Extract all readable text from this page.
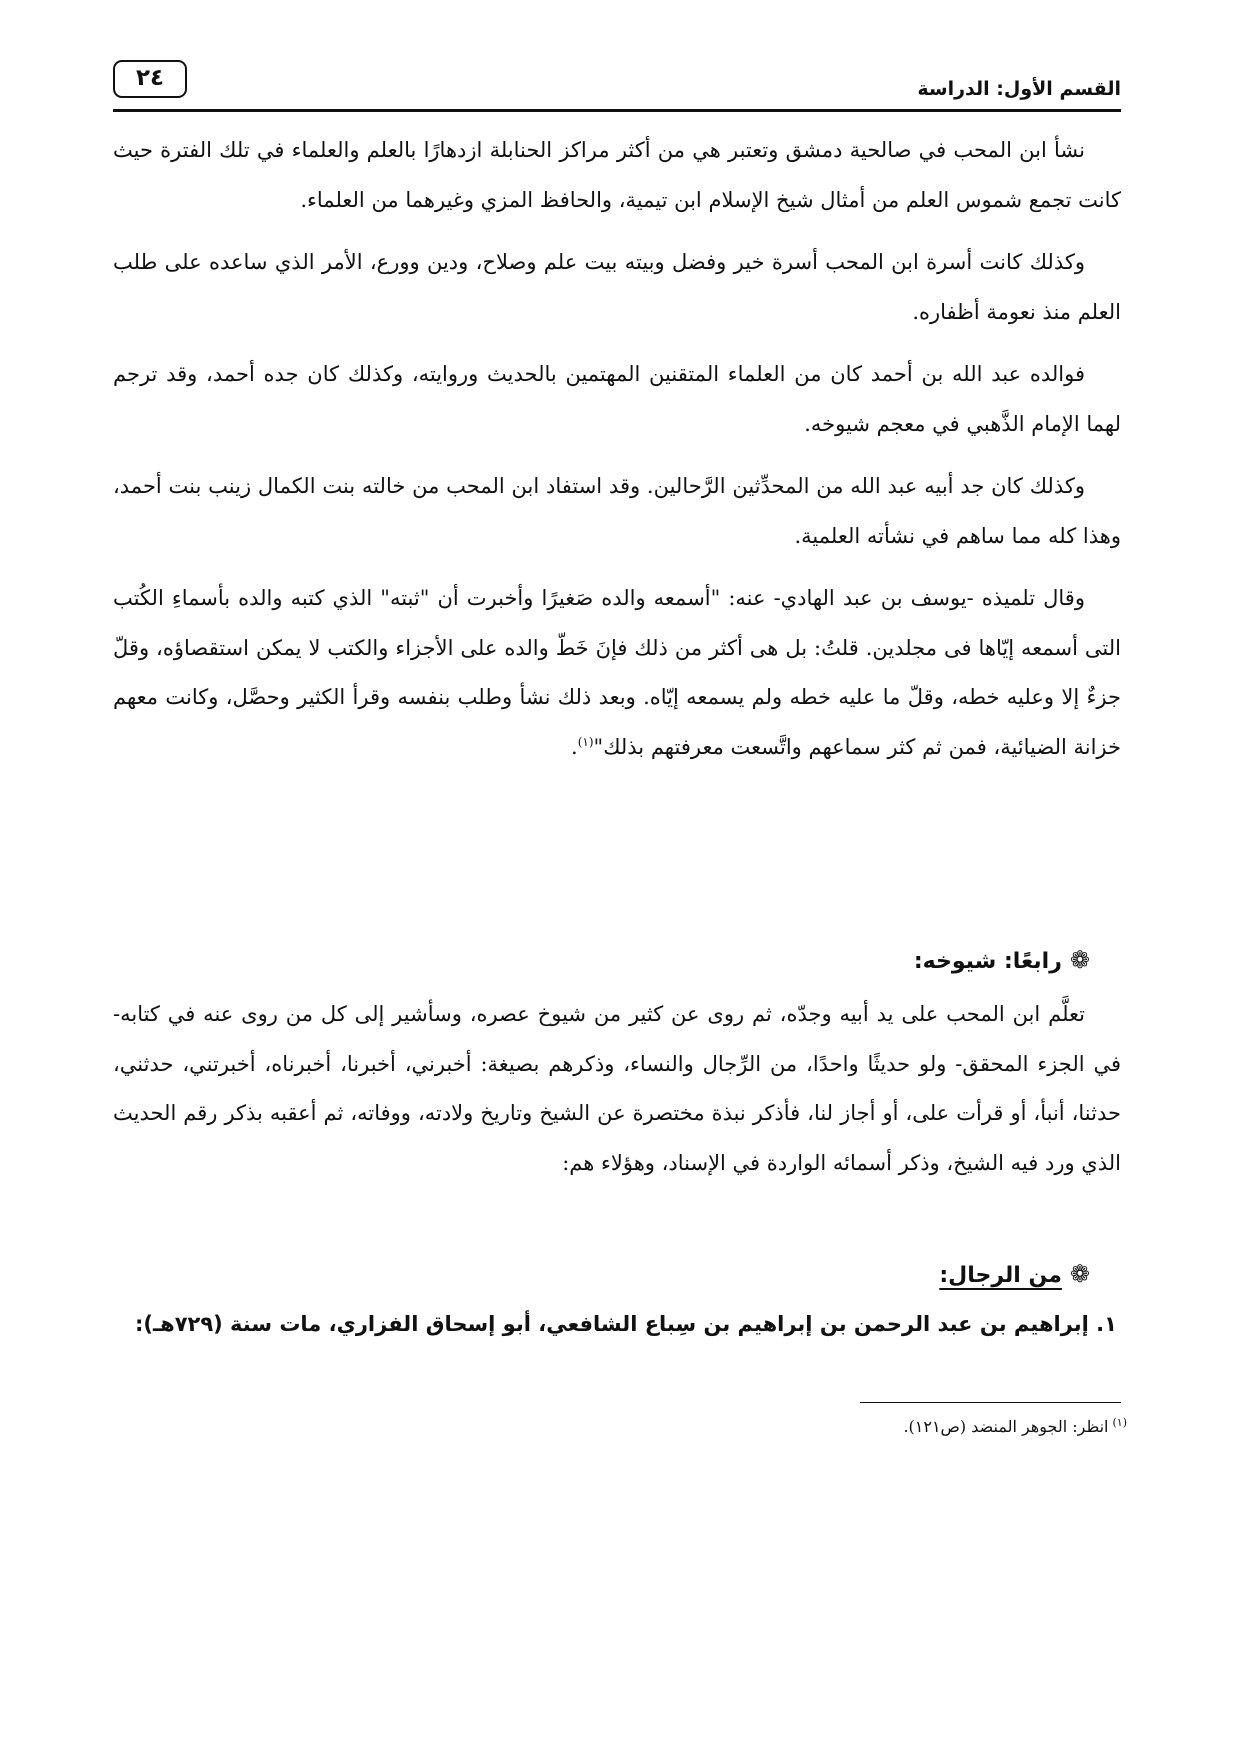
القسم الأول: الدراسة
٢٤

نشأ ابن المحب في صالحية دمشق وتعتبر هي من أكثر مراكز الحنابلة ازدهارًا بالعلم والعلماء في تلك الفترة حيث كانت تجمع شموس العلم من أمثال شيخ الإسلام ابن تيمية، والحافظ المزي وغيرهما من العلماء.

وكذلك كانت أسرة ابن المحب أسرة خير وفضل وبيته بيت علم وصلاح، ودين وورع، الأمر الذي ساعده على طلب العلم منذ نعومة أظفاره.

فوالده عبد الله بن أحمد كان من العلماء المتقنين المهتمين بالحديث وروايته، وكذلك كان جده أحمد، وقد ترجم لهما الإمام الذَّهبي في معجم شيوخه.

وكذلك كان جد أبيه عبد الله من المحدِّثين الرَّحالين. وقد استفاد ابن المحب من خالته بنت الكمال زينب بنت أحمد، وهذا كله مما ساهم في نشأته العلمية.

وقال تلميذه -يوسف بن عبد الهادي- عنه: "أسمعه والده صَغيرًا وأخبرت أن "ثبته" الذي كتبه والده بأسماءِ الكُتب التى أسمعه إيّاها فى مجلدين. قلتُ: بل هى أكثر من ذلك فإنَ خَطّ والده على الأجزاء والكتب لا يمكن استقصاؤه، وقلّ جزءٌ إلا وعليه خطه، وقلّ ما عليه خطه ولم يسمعه إيّاه. وبعد ذلك نشأ وطلب بنفسه وقرأ الكثير وحصَّل، وكانت معهم خزانة الضيائية، فمن ثم كثر سماعهم واتَّسعت معرفتهم بذلك"$^{(١)}$.

❁رابعًا: شيوخه:

تعلَّم ابن المحب على يد أبيه وجدّه، ثم روى عن كثير من شيوخ عصره، وسأشير إلى كل من روى عنه في كتابه- في الجزء المحقق- ولو حديثًا واحدًا، من الرِّجال والنساء، وذكرهم بصيغة: أخبرني، أخبرنا، أخبرناه، أخبرتني، حدثني، حدثنا، أنبأ، أو قرأت على، أو أجاز لنا، فأذكر نبذة مختصرة عن الشيخ وتاريخ ولادته، ووفاته، ثم أعقبه بذكر رقم الحديث الذي ورد فيه الشيخ، وذكر أسمائه الواردة في الإسناد، وهؤلاء هم:

❁من الرجال:
١. إبراهيم بن عبد الرحمن بن إبراهيم بن سِباع الشافعي، أبو إسحاق الفزاري، مات سنة (٧٢٩هـ):
$^{(١)}$انظر: الجوهر المنضد (ص١٢١).
